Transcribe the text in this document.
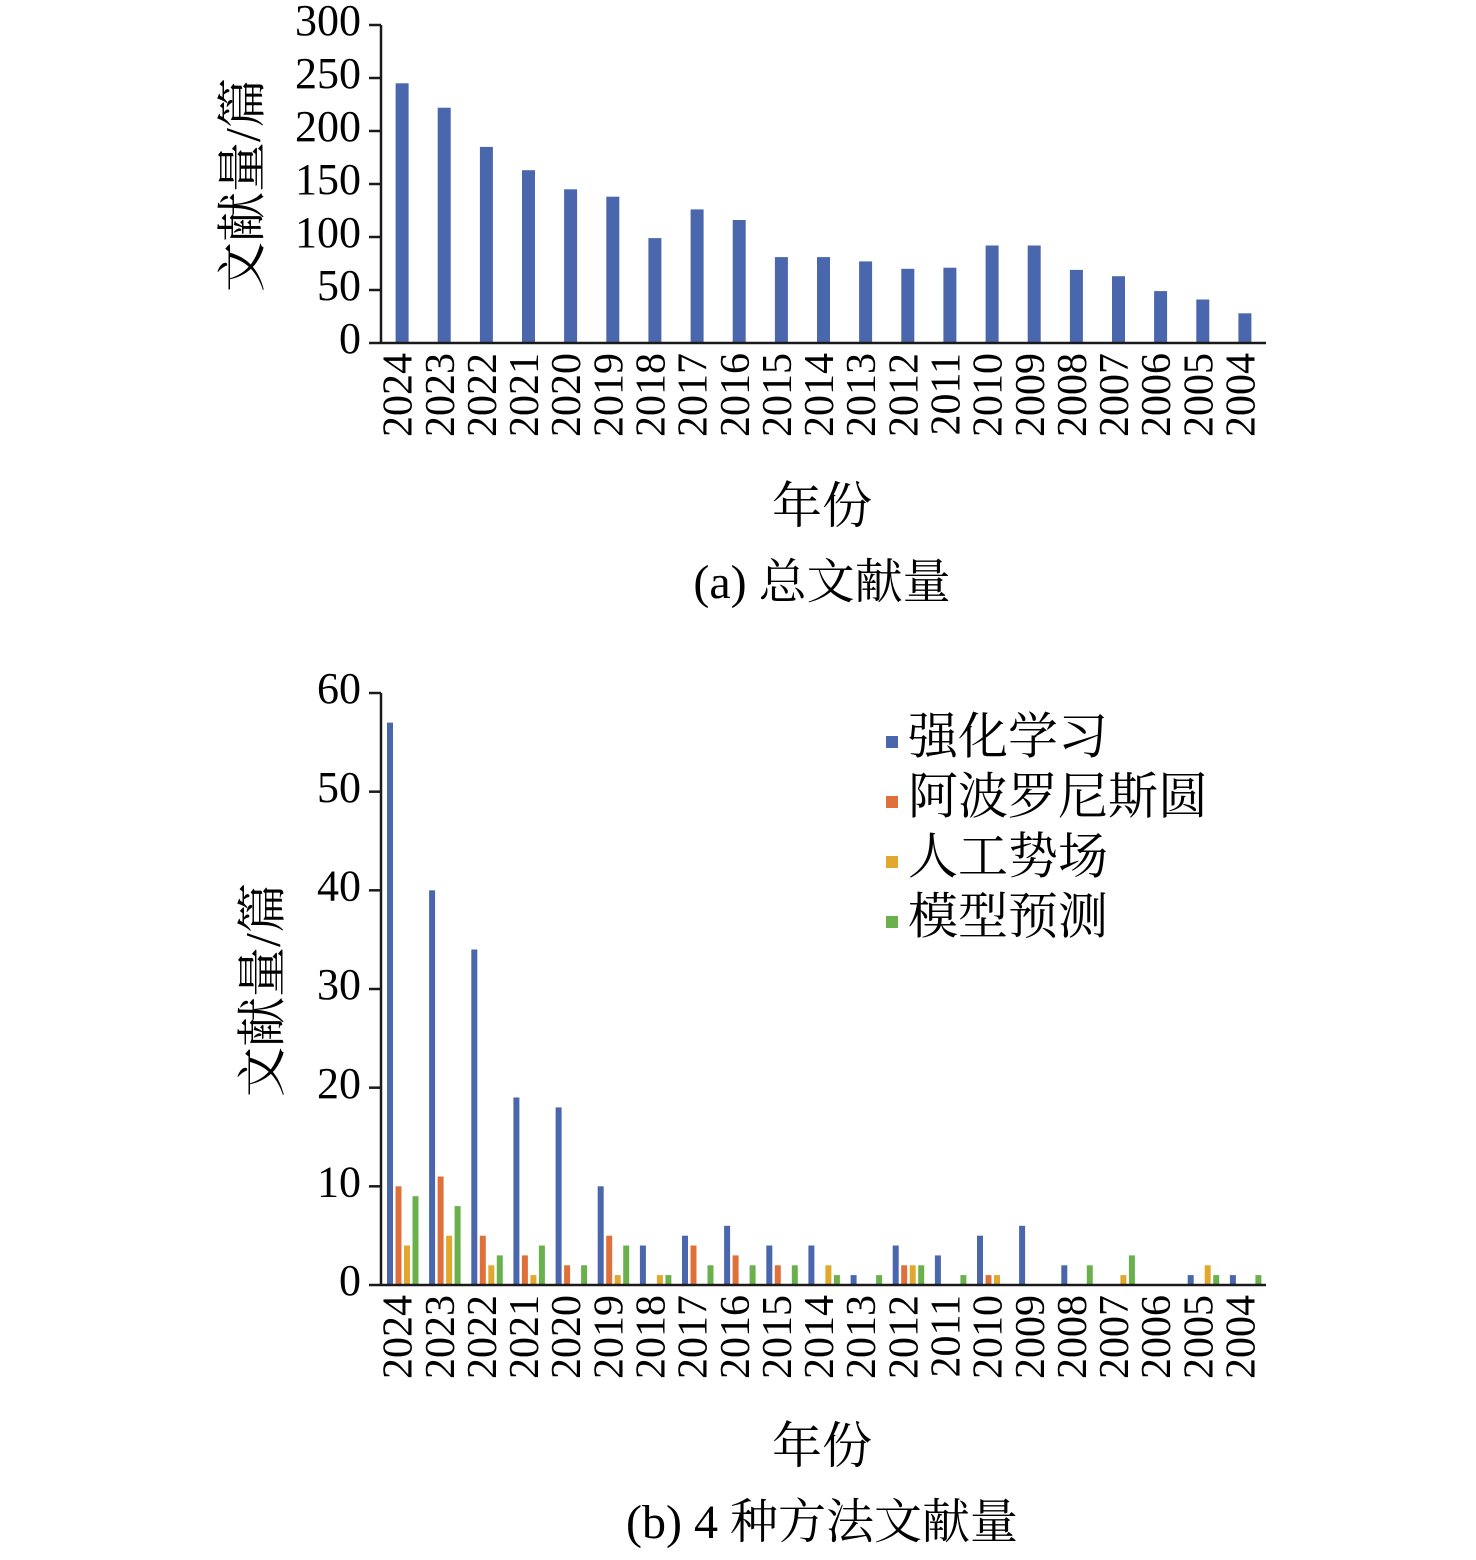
0
50
100
150
200
250
300
2024
2023
2022
2021
2020
2019
2018
2017
2016
2015
2014
2013
2012
2011
2010
2009
2008
2007
2006
2005
2004
文献量/篇
年份
(a) 总文献量
0
10
20
30
40
50
60
2024
2023
2022
2021
2020
2019
2018
2017
2016
2015
2014
2013
2012
2011
2010
2009
2008
2007
2006
2005
2004
强化学习
阿波罗尼斯圆
人工势场
模型预测
文献量/篇
年份
(b) 4 种方法文献量
